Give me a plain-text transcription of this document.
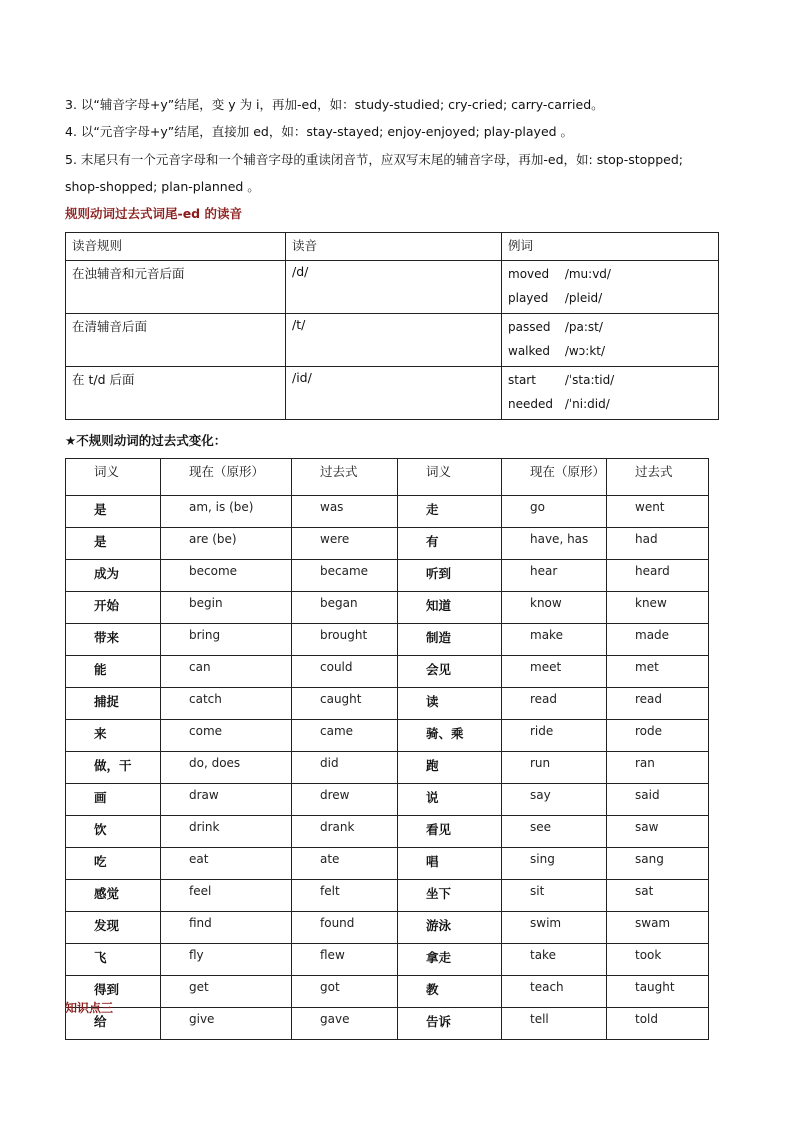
3. 以“辅音字母+y”结尾，变 y 为 i，再加-ed，如：study-studied; cry-cried; carry-carried。
4. 以“元音字母+y”结尾，直接加 ed，如：stay-stayed; enjoy-enjoyed; play-played 。
5. 末尾只有一个元音字母和一个辅音字母的重读闭音节，应双写末尾的辅音字母，再加-ed，如: stop-stopped;
shop-shopped; plan-planned 。
规则动词过去式词尾-ed 的读音
读音规则	读音	例词
在浊辅音和元音后面	/d/	moved /mu:vd/
played /pleid/

在清辅音后面	/t/	passed /pa:st/
walked /wɔ:kt/

在 t/d 后面	/id/	start /ˈsta:tid/
needed /ˈni:did/
★不规则动词的过去式变化：
词义	现在（原形）	过去式	词义	现在（原形）	过去式
是	am, is (be)	was	走	go	went
是	are (be)	were	有	have, has	had
成为	become	became	听到	hear	heard
开始	begin	began	知道	know	knew
带来	bring	brought	制造	make	made
能	can	could	会见	meet	met
捕捉	catch	caught	读	read	read
来	come	came	骑、乘	ride	rode
做，干	do, does	did	跑	run	ran
画	draw	drew	说	say	said
饮	drink	drank	看见	see	saw
吃	eat	ate	唱	sing	sang
感觉	feel	felt	坐下	sit	sat
发现	find	found	游泳	swim	swam
飞	fly	flew	拿走	take	took
得到	get	got	教	teach	taught
给	give	gave	告诉	tell	told
知识点三
